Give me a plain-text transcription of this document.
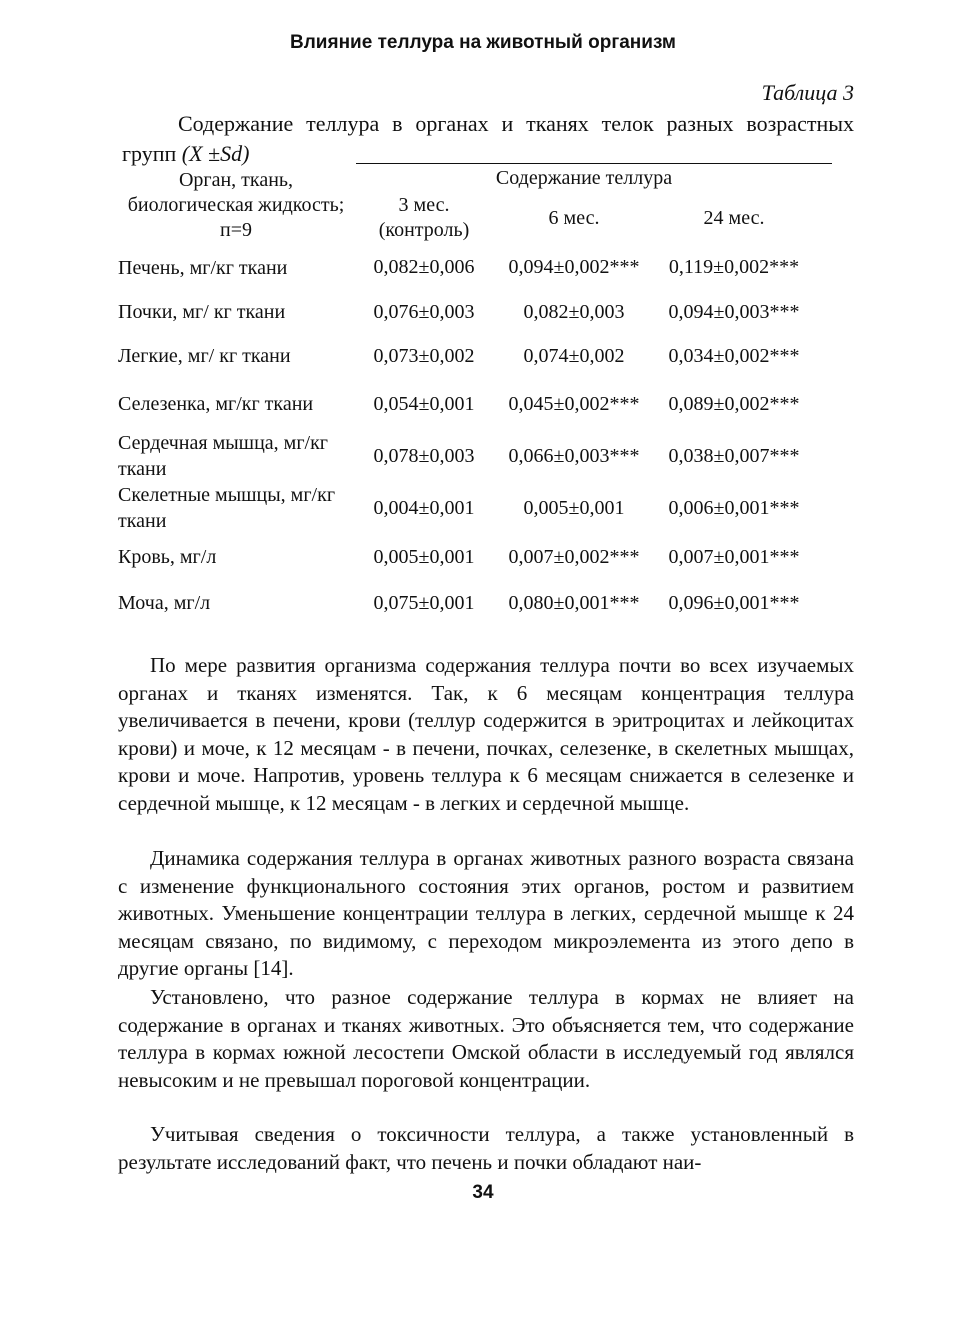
Влияние теллура на животный организм
Таблица 3
Содержание теллура в органах и тканях телок разных возрастных групп (X ±Sd)
Орган, ткань, биологическая жидкость; п=9	Содержание теллура		
	3 мес. (контроль)	6 мес.	24 мес.
Печень, мг/кг ткани	0,082±0,006	0,094±0,002***	0,119±0,002***
Почки, мг/ кг ткани	0,076±0,003	0,082±0,003	0,094±0,003***
Легкие, мг/ кг ткани	0,073±0,002	0,074±0,002	0,034±0,002***
Селезенка, мг/кг ткани	0,054±0,001	0,045±0,002***	0,089±0,002***
Сердечная мышца, мг/кг ткани	0,078±0,003	0,066±0,003***	0,038±0,007***
Скелетные мышцы, мг/кг ткани	0,004±0,001	0,005±0,001	0,006±0,001***
Кровь, мг/л	0,005±0,001	0,007±0,002***	0,007±0,001***
Моча, мг/л	0,075±0,001	0,080±0,001***	0,096±0,001***

По мере развития организма содержания теллура почти во всех изучаемых органах и тканях изменятся. Так, к 6 месяцам концентрация теллура увеличивается в печени, крови (теллур содержится в эритроцитах и лейкоцитах крови) и моче, к 12 месяцам - в печени, почках, селезенке, в скелетных мышцах, крови и моче. Напротив, уровень теллура к 6 месяцам снижается в селезенке и сердечной мышце, к 12 месяцам - в легких и сердечной мышце.

Динамика содержания теллура в органах животных разного возраста связана с изменение функционального состояния этих органов, ростом и развитием животных. Уменьшение концентрации теллура в легких, сердечной мышце к 24 месяцам связано, по видимому, с переходом микроэлемента из этого депо в другие органы [14].

Установлено, что разное содержание теллура в кормах не влияет на содержание в органах и тканях животных. Это объясняется тем, что содержание теллура в кормах южной лесостепи Омской области в исследуемый год являлся невысоким и не превышал пороговой концентрации.

Учитывая сведения о токсичности теллура, а также установленный в результате исследований факт, что печень и почки обладают наи-

34
